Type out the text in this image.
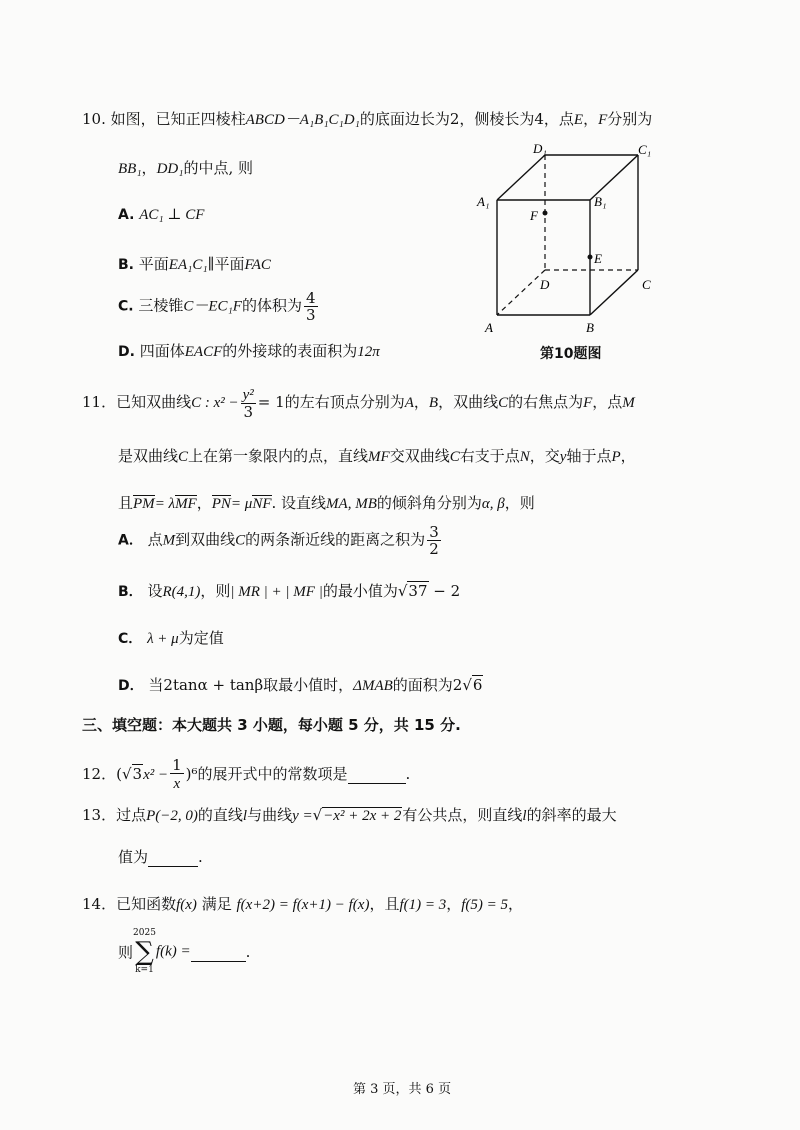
10. 如图，已知正四棱柱ABCD－A₁B₁C₁D₁的底面边长为2，侧棱长为4，点E，F分别为
BB₁，DD₁的中点, 则
A. AC₁ ⊥ CF
B. 平面EA₁C₁∥平面FAC
C. 三棱锥C－EC₁F的体积为 $\frac{4}{3}$
D. 四面体EACF的外接球的表面积为12π
D₁	C₁
A₁	B₁
F
E
D	C
A	B
第10题图
11．已知双曲线C : $x^2 - \frac{\text{y²}}{3} = 1$的左右顶点分别为A，B，双曲线C的右焦点为F，点M
是双曲线C上在第一象限内的点，直线MF交双曲线C右支于点N，交y轴于点P，
且PM= λMF，PN= μNF. 设直线MA, MB的倾斜角分别为α, β，则
A． 点M到双曲线C的两条渐近线的距离之积为 $\frac{3}{2}$
B． 设R(4,1)，则| MR | + | MF |的最小值为√37 − 2
C． λ + μ为定值
D． 当2tanα + tanβ取最小值时，ΔMAB的面积为2√6
三、填空题：本大题共 3 小题，每小题 5 分，共 15 分.
12．$(√3x^2 - \frac{1}{x} )^6$的展开式中的常数项是	.
13．过点P(−2, 0)的直线l与曲线y =√−x² + 2x + 2有公共点，则直线l的斜率的最大
值为	.
14．已知函数f(x) 满足 f(x+2) = f(x+1) − f(x)，且f(1) = 3，f(5) = 5，
则
2025
∑
k=1
f(k) =	.
第 3 页，共 6 页
